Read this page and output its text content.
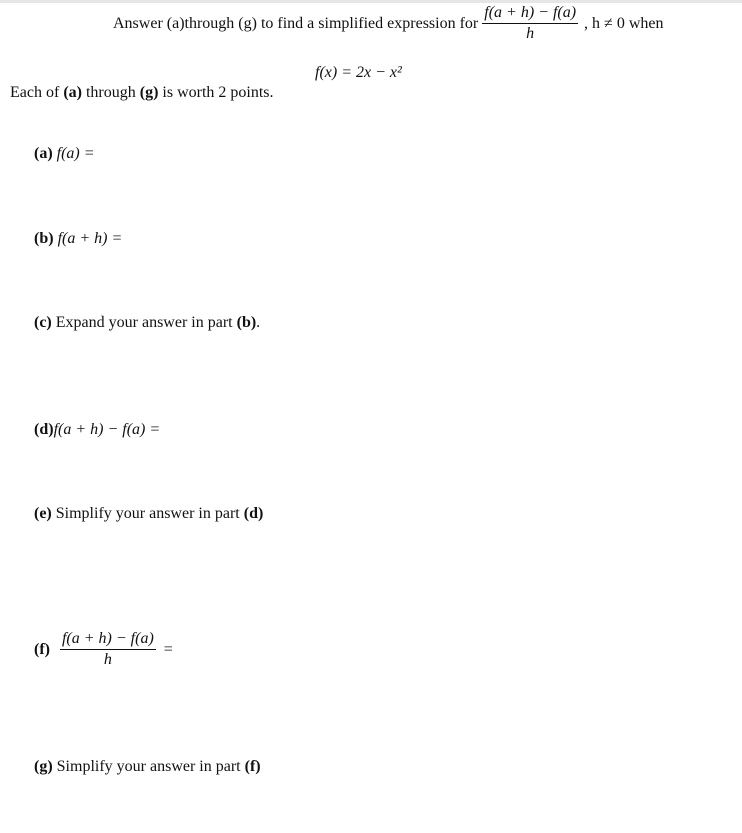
Answer (a)through (g) to find a simplified expression for $\frac{f(a + h) - f(a)}{h}$ , h ≠ 0 when
f(x) = 2x − x²
Each of (a) through (g) is worth 2 points.
(a) f(a) =
(b) f(a + h) =
(c) Expand your answer in part (b).
(d)f(a + h) − f(a) =
(e) Simplify your answer in part (d)
$(f) \frac{f(a + h) - f(a)}{h}$ =
(g) Simplify your answer in part (f)
